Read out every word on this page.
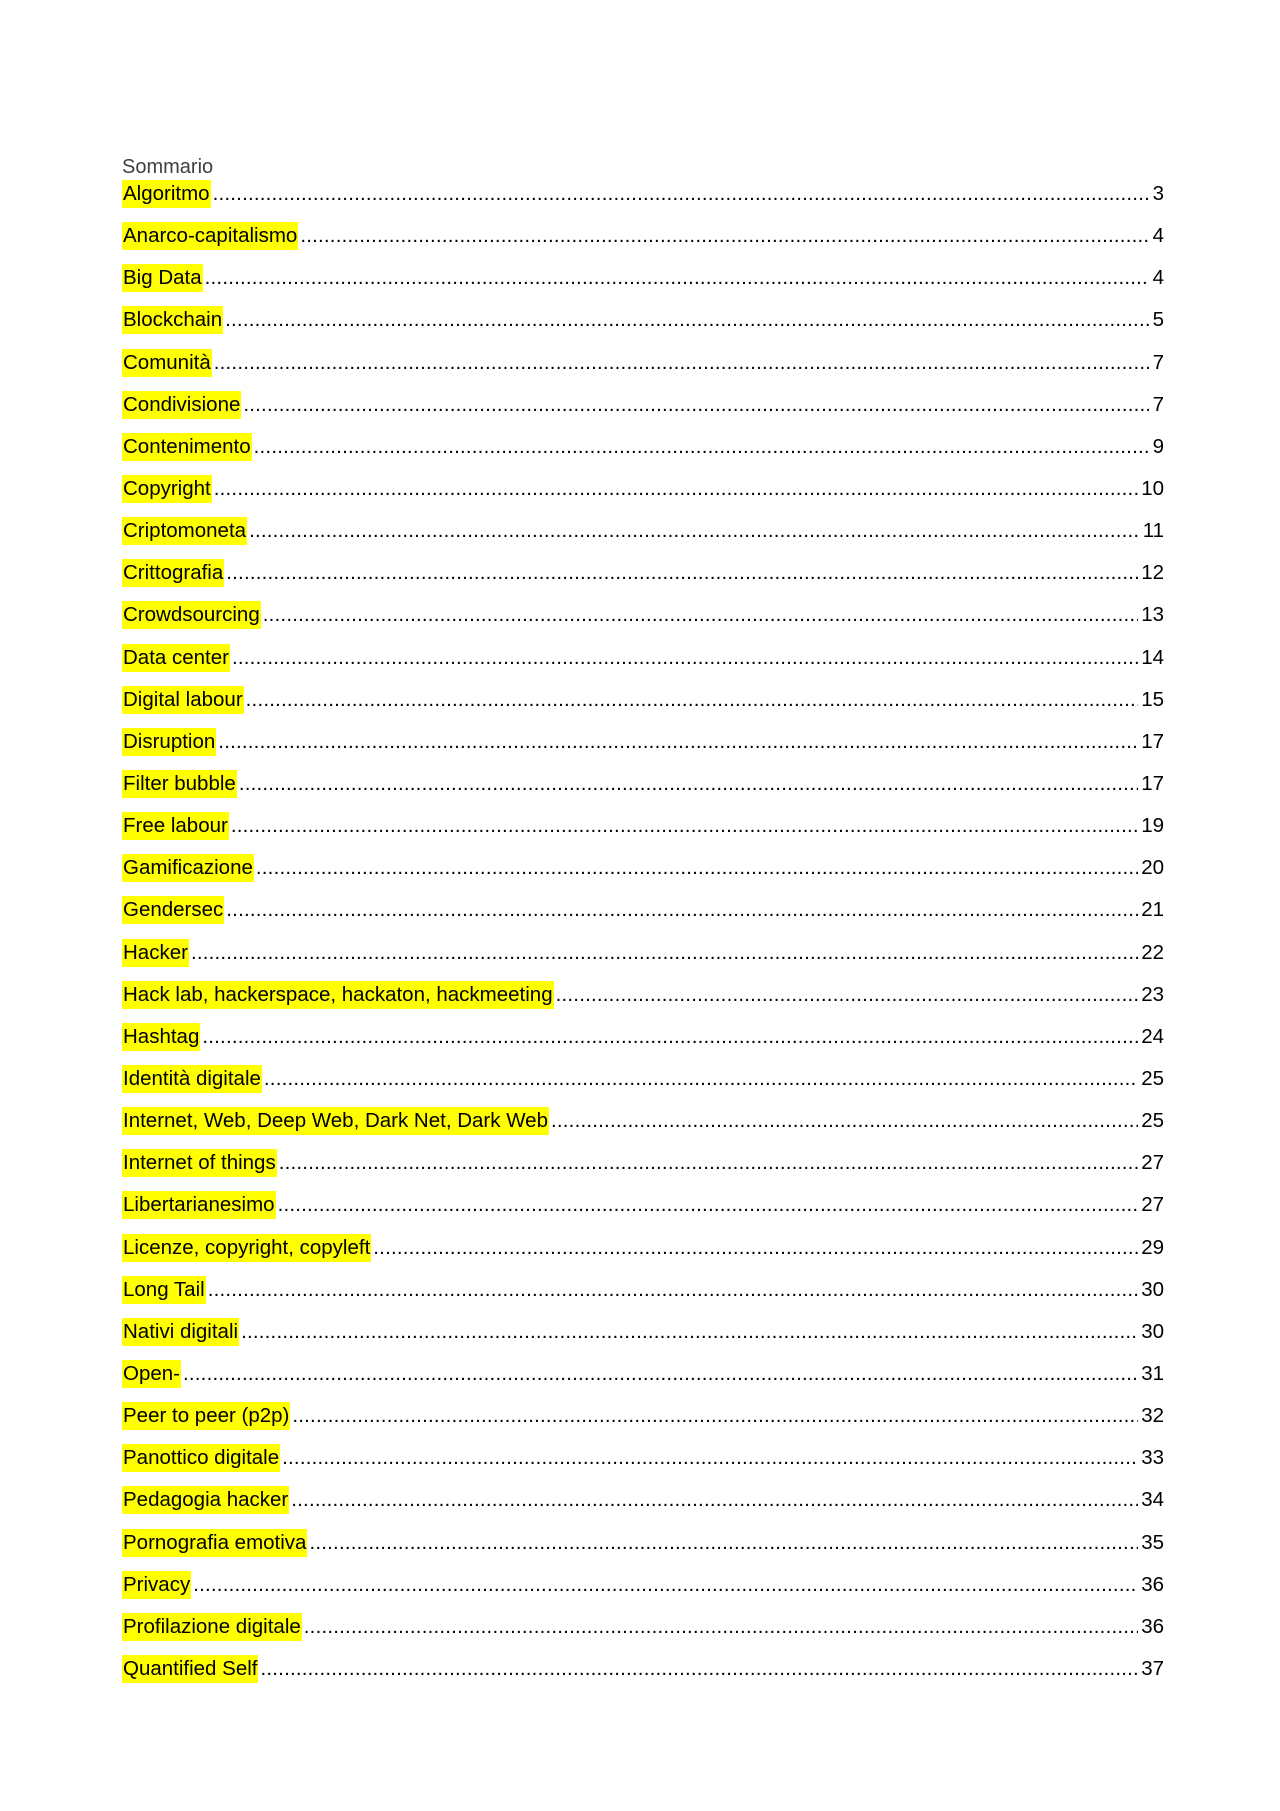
Sommario
Algoritmo .....	3
Anarco-capitalismo .....	4
Big Data .....	4
Blockchain .....	5
Comunità .....	7
Condivisione .....	7
Contenimento .....	9
Copyright .....	10
Criptomoneta .....	11
Crittografia .....	12
Crowdsourcing .....	13
Data center .....	14
Digital labour .....	15
Disruption .....	17
Filter bubble .....	17
Free labour .....	19
Gamificazione .....	20
Gendersec .....	21
Hacker .....	22
Hack lab, hackerspace, hackaton, hackmeeting .....	23
Hashtag .....	24
Identità digitale .....	25
Internet, Web, Deep Web, Dark Net, Dark Web .....	25
Internet of things .....	27
Libertarianesimo .....	27
Licenze, copyright, copyleft .....	29
Long Tail .....	30
Nativi digitali .....	30
Open- .....	31
Peer to peer (p2p) .....	32
Panottico digitale .....	33
Pedagogia hacker .....	34
Pornografia emotiva .....	35
Privacy .....	36
Profilazione digitale .....	36
Quantified Self .....	37
